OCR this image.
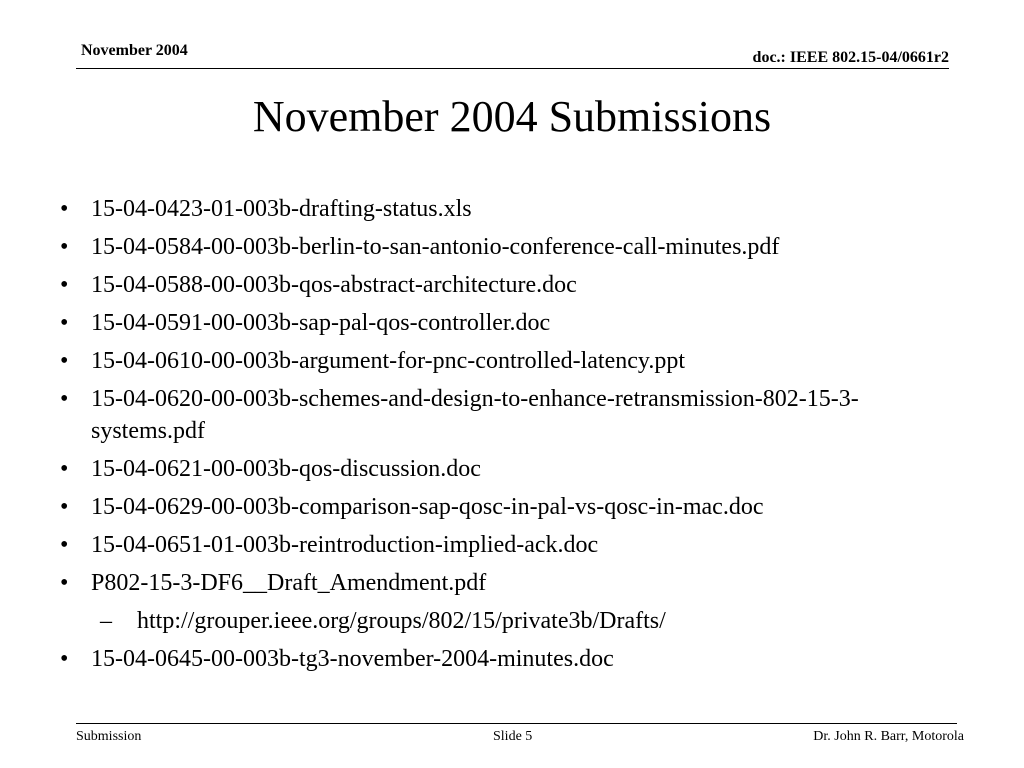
November 2004	doc.: IEEE 802.15-04/0661r2
November 2004 Submissions
• 15-04-0423-01-003b-drafting-status.xls
• 15-04-0584-00-003b-berlin-to-san-antonio-conference-call-minutes.pdf
• 15-04-0588-00-003b-qos-abstract-architecture.doc
• 15-04-0591-00-003b-sap-pal-qos-controller.doc
• 15-04-0610-00-003b-argument-for-pnc-controlled-latency.ppt
• 15-04-0620-00-003b-schemes-and-design-to-enhance-retransmission-802-15-3-systems.pdf
• 15-04-0621-00-003b-qos-discussion.doc
• 15-04-0629-00-003b-comparison-sap-qosc-in-pal-vs-qosc-in-mac.doc
• 15-04-0651-01-003b-reintroduction-implied-ack.doc
• P802-15-3-DF6__Draft_Amendment.pdf
– http://grouper.ieee.org/groups/802/15/private3b/Drafts/
• 15-04-0645-00-003b-tg3-november-2004-minutes.doc
Submission	Slide 5	Dr. John R. Barr, Motorola
